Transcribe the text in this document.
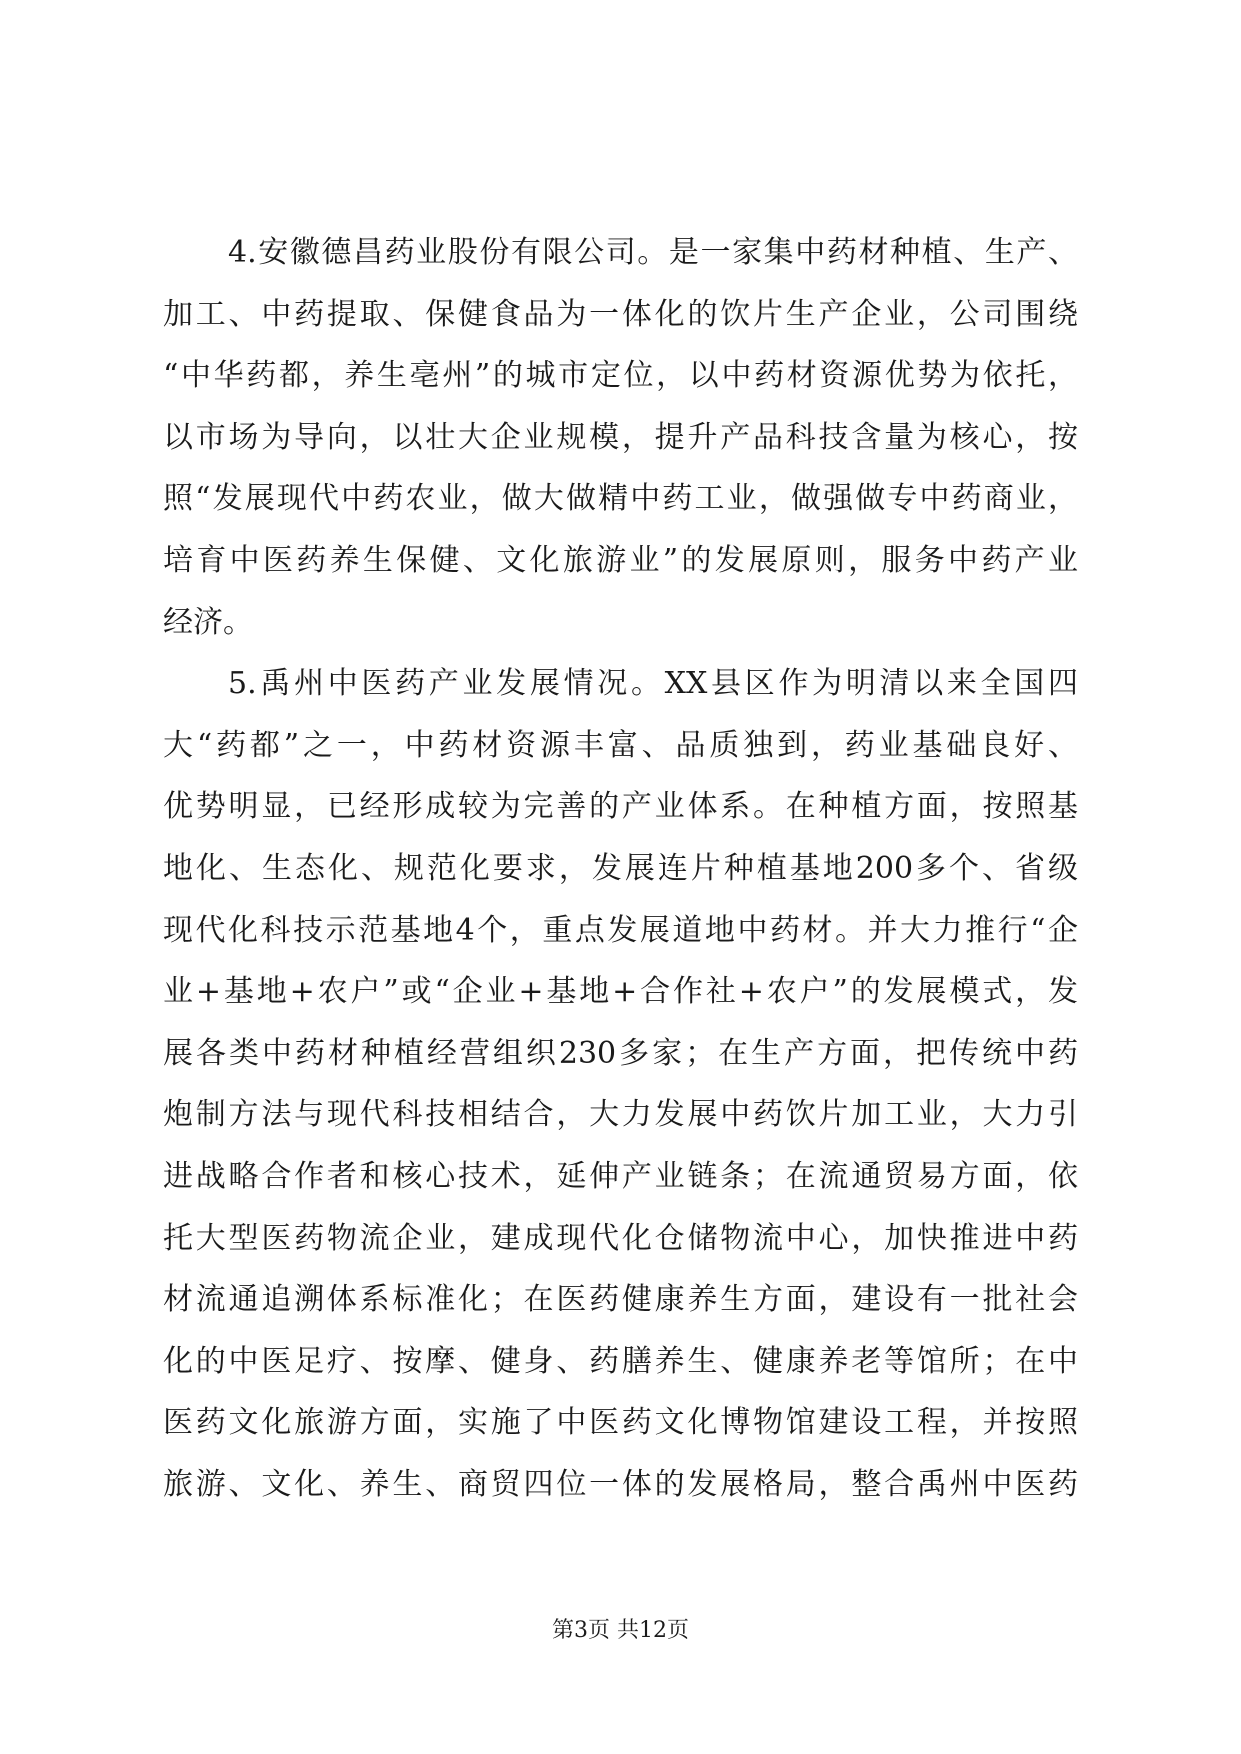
4.安徽德昌药业股份有限公司。是一家集中药材种植、生产、
加工、中药提取、保健食品为一体化的饮片生产企业，公司围绕
“中华药都，养生亳州”的城市定位，以中药材资源优势为依托，
以市场为导向，以壮大企业规模，提升产品科技含量为核心，按
照“发展现代中药农业，做大做精中药工业，做强做专中药商业，
培育中医药养生保健、文化旅游业”的发展原则，服务中药产业
经济。
5.禹州中医药产业发展情况。XX县区作为明清以来全国四
大“药都”之一，中药材资源丰富、品质独到，药业基础良好、
优势明显，已经形成较为完善的产业体系。在种植方面，按照基
地化、生态化、规范化要求，发展连片种植基地200多个、省级
现代化科技示范基地4个，重点发展道地中药材。并大力推行“企
业+基地+农户”或“企业+基地+合作社+农户”的发展模式，发
展各类中药材种植经营组织230多家；在生产方面，把传统中药
炮制方法与现代科技相结合，大力发展中药饮片加工业，大力引
进战略合作者和核心技术，延伸产业链条；在流通贸易方面，依
托大型医药物流企业，建成现代化仓储物流中心，加快推进中药
材流通追溯体系标准化；在医药健康养生方面，建设有一批社会
化的中医足疗、按摩、健身、药膳养生、健康养老等馆所；在中
医药文化旅游方面，实施了中医药文化博物馆建设工程，并按照
旅游、文化、养生、商贸四位一体的发展格局，整合禹州中医药
第3页 共12页
